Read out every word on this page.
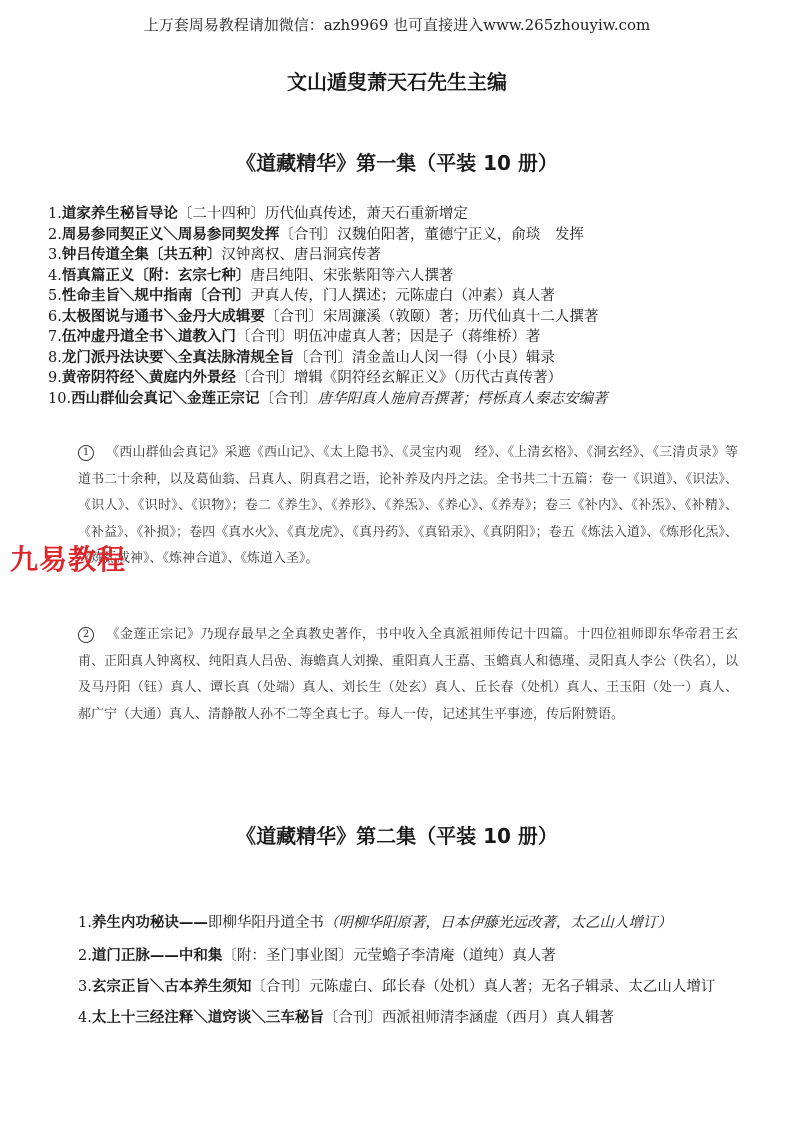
上万套周易教程请加微信：azh9969 也可直接进入www.265zhouyiw.com
文山遁叟萧天石先生主编
《道藏精华》第一集（平装 10 册）
1.道家养生秘旨导论〔二十四种〕历代仙真传述，萧天石重新增定
2.周易参同契正义＼周易参同契发挥〔合刊〕汉魏伯阳著，董德宁正义，俞琰　发挥
3.钟吕传道全集〔共五种〕汉钟离权、唐吕洞宾传著
4.悟真篇正义〔附：玄宗七种〕唐吕纯阳、宋张紫阳等六人撰著
5.性命圭旨＼规中指南〔合刊〕尹真人传，门人撰述；元陈虚白（冲素）真人著
6.太极图说与通书＼金丹大成辑要〔合刊〕宋周濂溪（敦颐）著；历代仙真十二人撰著
7.伍冲虚丹道全书＼道教入门〔合刊〕明伍冲虚真人著；因是子（蒋维桥）著
8.龙门派丹法诀要＼全真法脉清规全旨〔合刊〕清金盖山人闵一得（小艮）辑录
9.黄帝阴符经＼黄庭内外景经〔合刊〕增辑《阴符经玄解正义》（历代古真传著）
10.西山群仙会真记＼金莲正宗记〔合刊〕唐华阳真人施肩吾撰著；樗栎真人秦志安编著

1 《西山群仙会真记》采遮《西山记》、《太上隐书》、《灵宝内观　经》、《上清玄格》、《洞玄经》、《三清贞录》等道书二十余种，以及葛仙翁、吕真人、阴真君之语，论补养及内丹之法。全书共二十五篇：卷一《识道》、《识法》、《识人》、《识时》、《识物》；卷二《养生》、《养形》、《养炁》、《养心》、《养寿》；卷三《补内》、《补炁》、《补精》、《补益》、《补损》；卷四《真水火》、《真龙虎》、《真丹药》、《真铅汞》、《真阴阳》；卷五《炼法入道》、《炼形化炁》、《炼炁成神》、《炼神合道》、《炼道入圣》。

2 《金莲正宗记》乃现存最早之全真教史著作，书中收入全真派祖师传记十四篇。十四位祖师即东华帝君王玄甫、正阳真人钟离权、纯阳真人吕嵒、海蟾真人刘操、重阳真人王嚞、玉蟾真人和德瑾、灵阳真人李公（佚名），以及马丹阳（钰）真人、谭长真（处端）真人、刘长生（处玄）真人、丘长春（处机）真人、王玉阳（处一）真人、郝广宁（大通）真人、清静散人孙不二等全真七子。每人一传，记述其生平事迹，传后附赞语。

九易教程
《道藏精华》第二集（平装 10 册）
1.养生内功秘诀——即柳华阳丹道全书（明柳华阳原著，日本伊藤光远改著，太乙山人增订）
2.道门正脉——中和集〔附：圣门事业图〕元莹蟾子李清庵（道纯）真人著
3.玄宗正旨＼古本养生须知〔合刊〕元陈虚白、邱长春（处机）真人著；无名子辑录、太乙山人增订
4.太上十三经注释＼道窍谈＼三车秘旨〔合刊〕西派祖师清李涵虚（西月）真人辑著
